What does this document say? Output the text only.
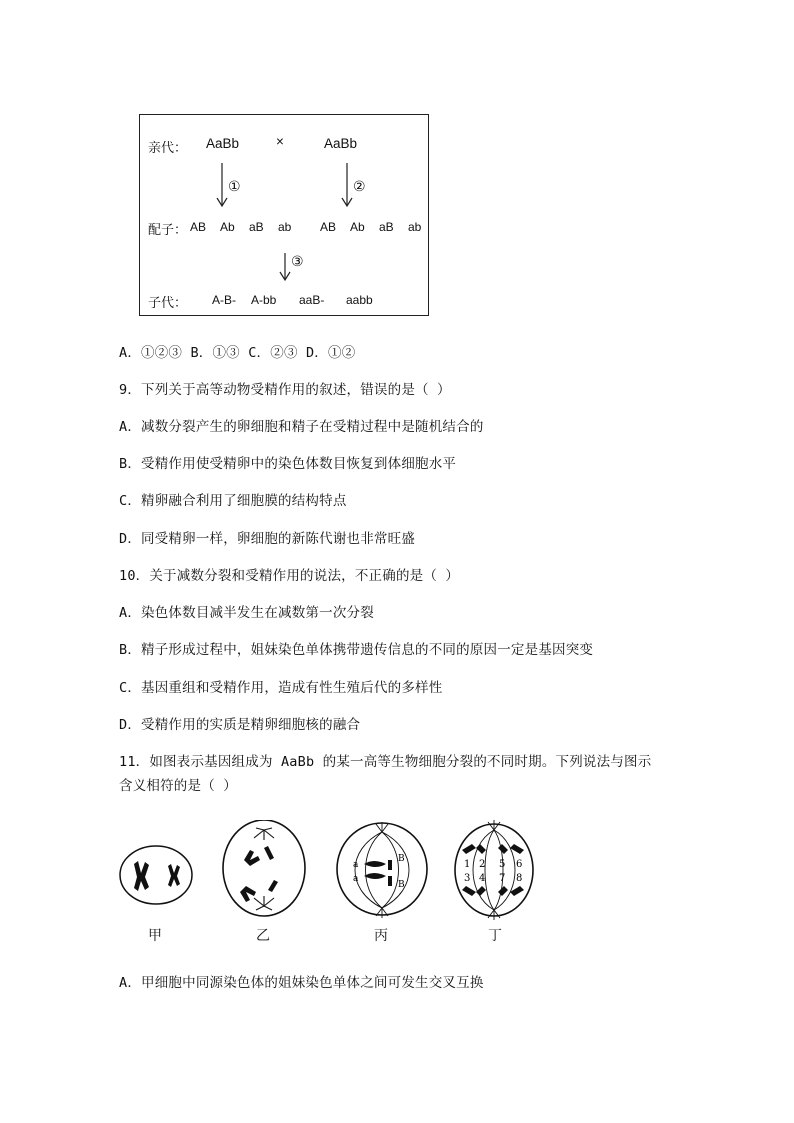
亲代： AaBb	×	AaBb
①	②
③
配子： AB Ab aB ab AB Ab aB ab
子代： A-B- A-bb aaB- aabb
A．①②③ B．①③ C．②③ D．①②
9．下列关于高等动物受精作用的叙述，错误的是（ ）
A．减数分裂产生的卵细胞和精子在受精过程中是随机结合的
B．受精作用使受精卵中的染色体数目恢复到体细胞水平
C．精卵融合利用了细胞膜的结构特点
D．同受精卵一样，卵细胞的新陈代谢也非常旺盛
10．关于减数分裂和受精作用的说法，不正确的是（ ）
A．染色体数目减半发生在减数第一次分裂
B．精子形成过程中，姐妹染色单体携带遗传信息的不同的原因一定是基因突变
C．基因重组和受精作用，造成有性生殖后代的多样性
D．受精作用的实质是精卵细胞核的融合
11．如图表示基因组成为 AaBb 的某一高等生物细胞分裂的不同时期。下列说法与图示
含义相符的是（ ）
a
a
B
B
1 2 5 6
3 4 7 8
甲	乙	丙	丁
A．甲细胞中同源染色体的姐妹染色单体之间可发生交叉互换
